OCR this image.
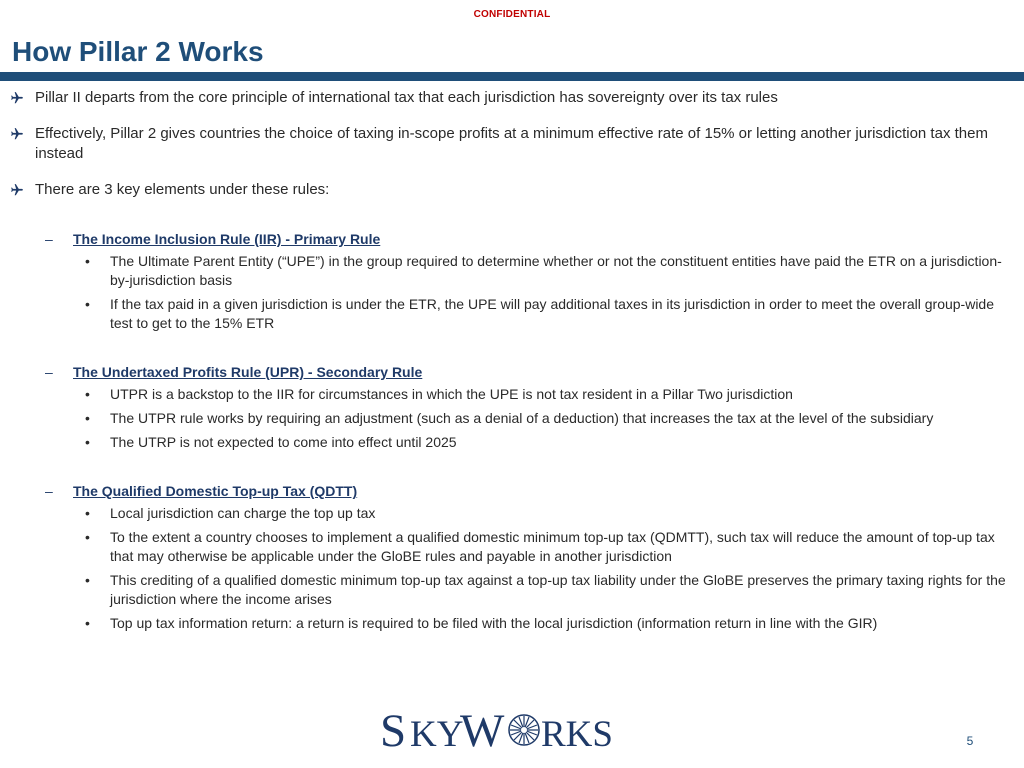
CONFIDENTIAL
How Pillar 2 Works
Pillar II departs from the core principle of international tax that each jurisdiction has sovereignty over its tax rules
Effectively, Pillar 2 gives countries the choice of taxing in-scope profits at a minimum effective rate of 15% or letting another jurisdiction tax them instead
There are 3 key elements under these rules:
– The Income Inclusion Rule (IIR) - Primary Rule
• The Ultimate Parent Entity (“UPE”) in the group required to determine whether or not the constituent entities have paid the ETR on a jurisdiction-by-jurisdiction basis
• If the tax paid in a given jurisdiction is under the ETR, the UPE will pay additional taxes in its jurisdiction in order to meet the overall group-wide test to get to the 15% ETR
– The Undertaxed Profits Rule (UPR) - Secondary Rule
• UTPR is a backstop to the IIR for circumstances in which the UPE is not tax resident in a Pillar Two jurisdiction
• The UTPR rule works by requiring an adjustment (such as a denial of a deduction) that increases the tax at the level of the subsidiary
• The UTRP is not expected to come into effect until 2025
– The Qualified Domestic Top-up Tax (QDTT)
• Local jurisdiction can charge the top up tax
• To the extent a country chooses to implement a qualified domestic minimum top-up tax (QDMTT), such tax will reduce the amount of top-up tax that may otherwise be applicable under the GloBE rules and payable in another jurisdiction
• This crediting of a qualified domestic minimum top-up tax against a top-up tax liability under the GloBE preserves the primary taxing rights for the jurisdiction where the income arises
• Top up tax information return: a return is required to be filed with the local jurisdiction (information return in line with the GIR)
S KY
W RKS	5
